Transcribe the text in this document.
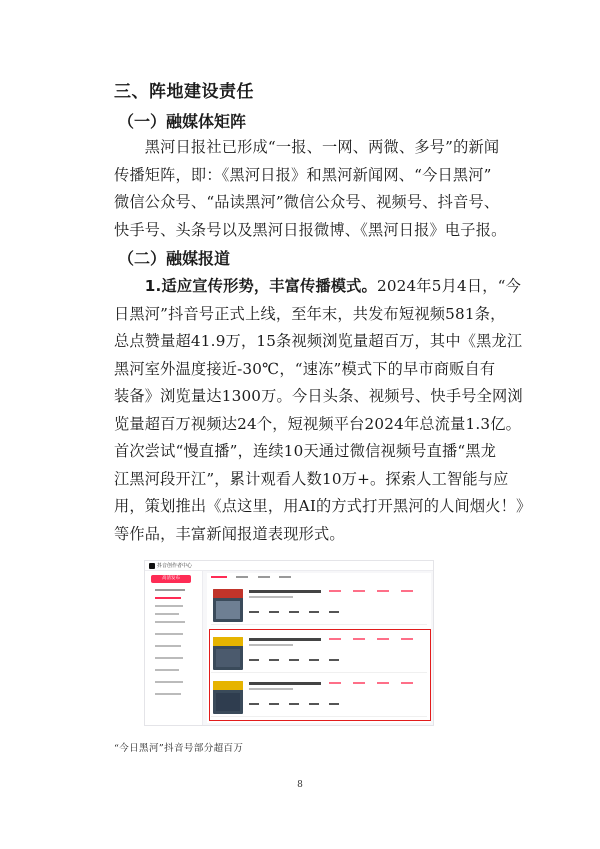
三、阵地建设责任
（一）融媒体矩阵
　　黑河日报社已形成“一报、一网、两微、多号”的新闻
传播矩阵，即：《黑河日报》和黑河新闻网、“今日黑河”
微信公众号、“品读黑河”微信公众号、视频号、抖音号、
快手号、头条号以及黑河日报微博、《黑河日报》电子报。
（二）融媒报道
　　1.适应宣传形势，丰富传播模式。2024年5月4日，“今
日黑河”抖音号正式上线，至年末，共发布短视频581条，
总点赞量超41.9万，15条视频浏览量超百万，其中《黑龙江
黑河室外温度接近-30℃，“速冻”模式下的早市商贩自有
装备》浏览量达1300万。今日头条、视频号、快手号全网浏
览量超百万视频达24个，短视频平台2024年总流量1.3亿。
首次尝试“慢直播”，连续10天通过微信视频号直播“黑龙
江黑河段开江”，累计观看人数10万+。探索人工智能与应
用，策划推出《点这里，用AI的方式打开黑河的人间烟火！》
等作品，丰富新闻报道表现形式。
抖音创作者中心
高清发布

“今日黑河”抖音号部分超百万
8
